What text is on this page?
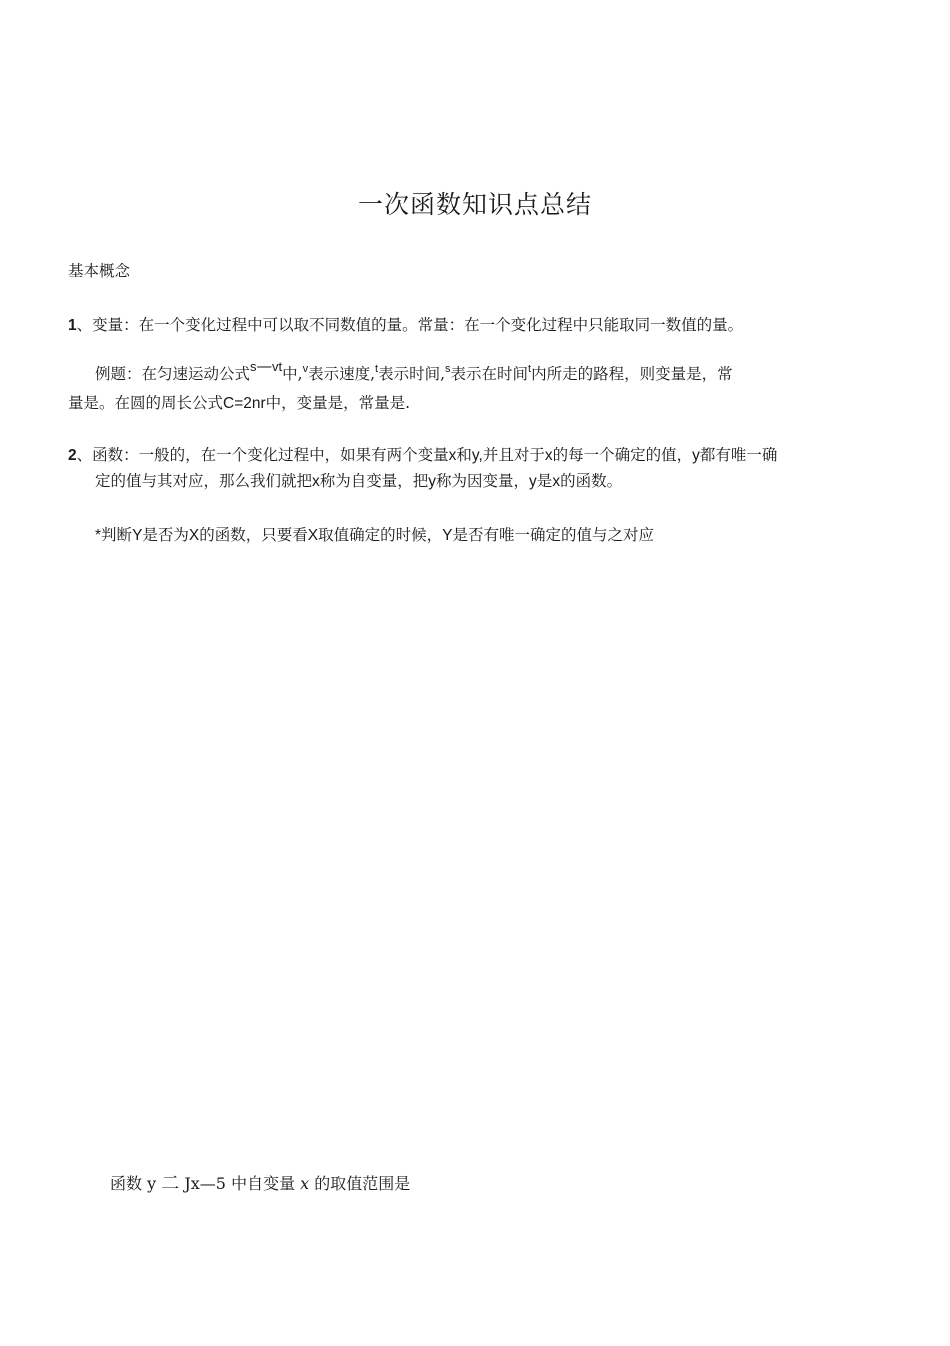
一次函数知识点总结
基本概念
1、变量：在一个变化过程中可以取不同数值的量。常量：在一个变化过程中只能取同一数值的量。
例题：在匀速运动公式$^s$—$^{vt}$中,$^v$表示速度,$^t$表示时间,$^s$表示在时间$^t$内所走的路程，则变量是，常
量是。在圆的周长公式C=2nr中，变量是，常量是.
2、函数：一般的，在一个变化过程中，如果有两个变量x和y,并且对于x的每一个确定的值，y都有唯一确
定的值与其对应，那么我们就把x称为自变量，把y称为因变量，y是x的函数。
*判断Y是否为X的函数，只要看X取值确定的时候，Y是否有唯一确定的值与之对应
函数 y 二 Jx—5 中自变量 x 的取值范围是
